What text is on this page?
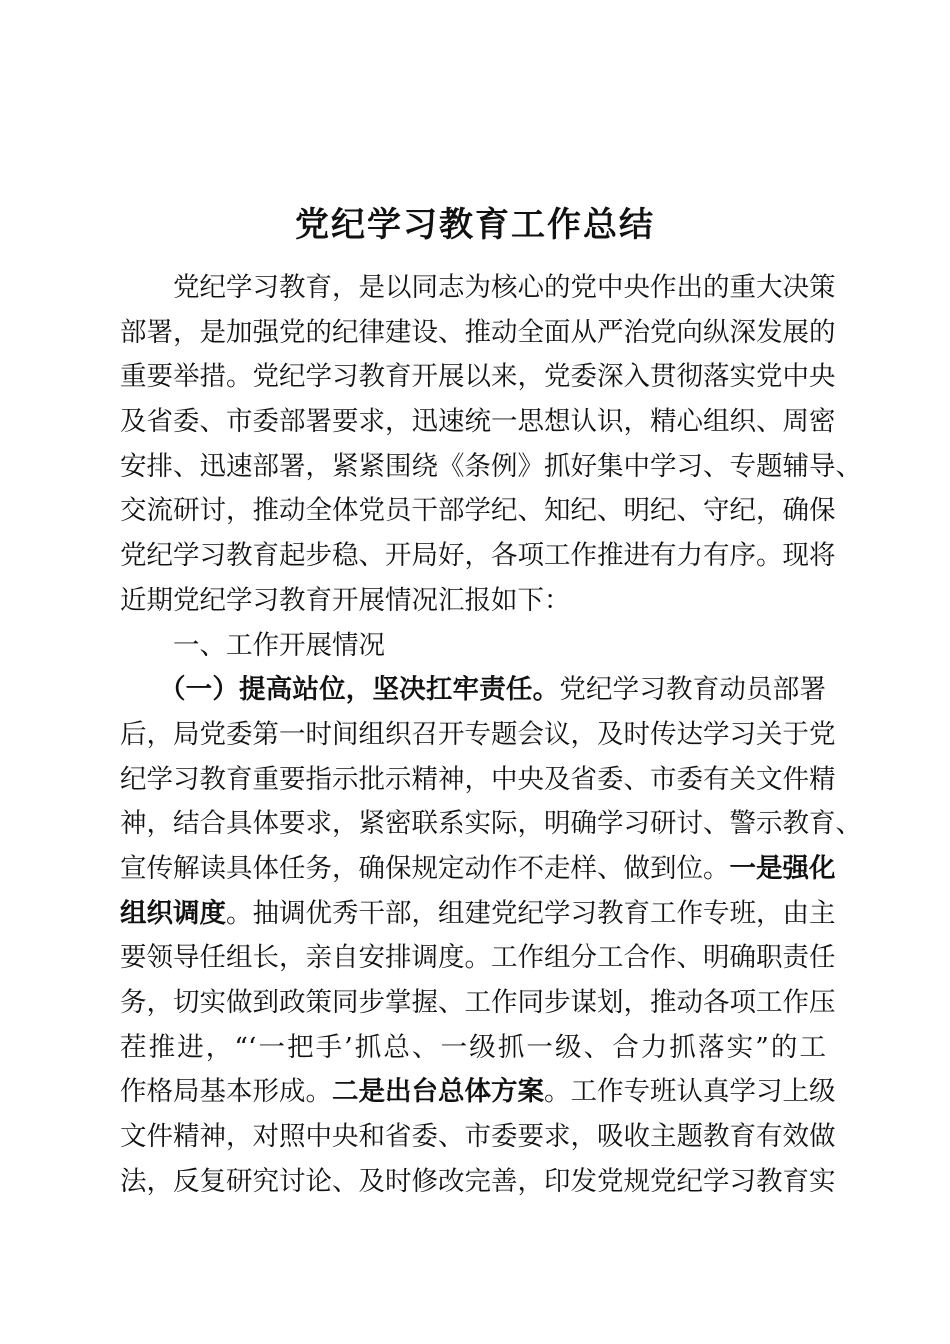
党纪学习教育工作总结
党纪学习教育，是以同志为核心的党中央作出的重大决策
部署，是加强党的纪律建设、推动全面从严治党向纵深发展的
重要举措。党纪学习教育开展以来，党委深入贯彻落实党中央
及省委、市委部署要求，迅速统一思想认识，精心组织、周密
安排、迅速部署，紧紧围绕《条例》抓好集中学习、专题辅导、
交流研讨，推动全体党员干部学纪、知纪、明纪、守纪，确保
党纪学习教育起步稳、开局好，各项工作推进有力有序。现将
近期党纪学习教育开展情况汇报如下：
一、工作开展情况
（一）提高站位，坚决扛牢责任。党纪学习教育动员部署
后，局党委第一时间组织召开专题会议，及时传达学习关于党
纪学习教育重要指示批示精神，中央及省委、市委有关文件精
神，结合具体要求，紧密联系实际，明确学习研讨、警示教育、
宣传解读具体任务，确保规定动作不走样、做到位。一是强化
组织调度。抽调优秀干部，组建党纪学习教育工作专班，由主
要领导任组长，亲自安排调度。工作组分工合作、明确职责任
务，切实做到政策同步掌握、工作同步谋划，推动各项工作压
茬推进，“‘一把手’抓总、一级抓一级、合力抓落实”的工
作格局基本形成。二是出台总体方案。工作专班认真学习上级
文件精神，对照中央和省委、市委要求，吸收主题教育有效做
法，反复研究讨论、及时修改完善，印发党规党纪学习教育实
